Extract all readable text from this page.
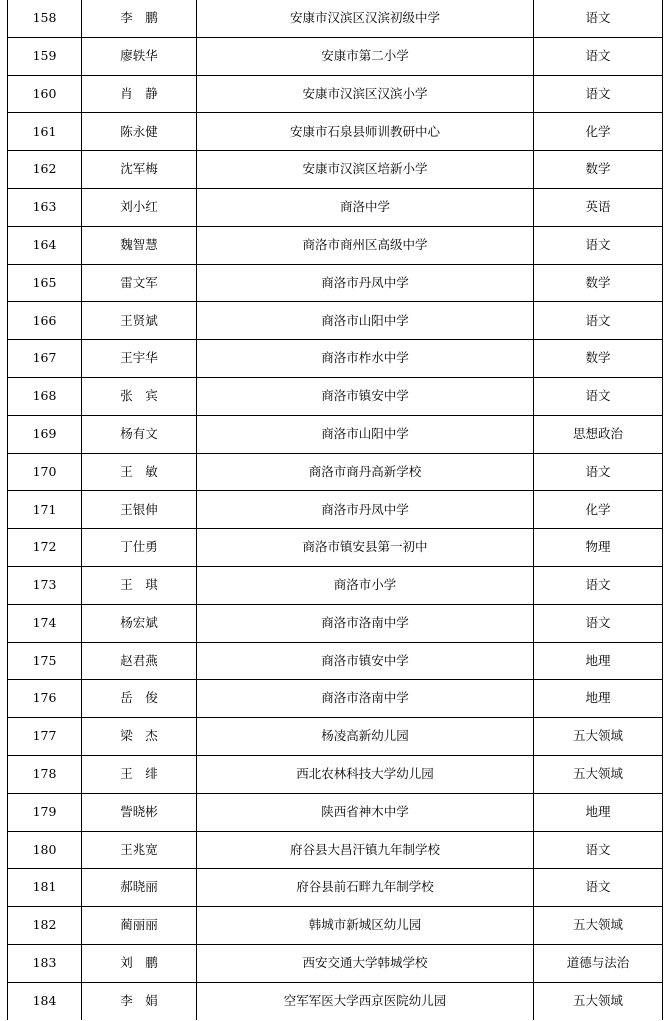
158	李　鹏	安康市汉滨区汉滨初级中学	语文
159	廖轶华	安康市第二小学	语文
160	肖　静	安康市汉滨区汉滨小学	语文
161	陈永健	安康市石泉县师训教研中心	化学
162	沈军梅	安康市汉滨区培新小学	数学
163	刘小红	商洛中学	英语
164	魏智慧	商洛市商州区高级中学	语文
165	雷文军	商洛市丹凤中学	数学
166	王贤斌	商洛市山阳中学	语文
167	王宇华	商洛市柞水中学	数学
168	张　宾	商洛市镇安中学	语文
169	杨有文	商洛市山阳中学	思想政治
170	王　敏	商洛市商丹高新学校	语文
171	王银伸	商洛市丹凤中学	化学
172	丁仕勇	商洛市镇安县第一初中	物理
173	王　琪	商洛市小学	语文
174	杨宏斌	商洛市洛南中学	语文
175	赵君燕	商洛市镇安中学	地理
176	岳　俊	商洛市洛南中学	地理
177	梁　杰	杨凌高新幼儿园	五大领域
178	王　绯	西北农林科技大学幼儿园	五大领域
179	訾晓彬	陕西省神木中学	地理
180	王兆宽	府谷县大昌汗镇九年制学校	语文
181	郝晓丽	府谷县前石畔九年制学校	语文
182	蔺丽丽	韩城市新城区幼儿园	五大领域
183	刘　鹏	西安交通大学韩城学校	道德与法治
184	李　娟	空军军医大学西京医院幼儿园	五大领域
